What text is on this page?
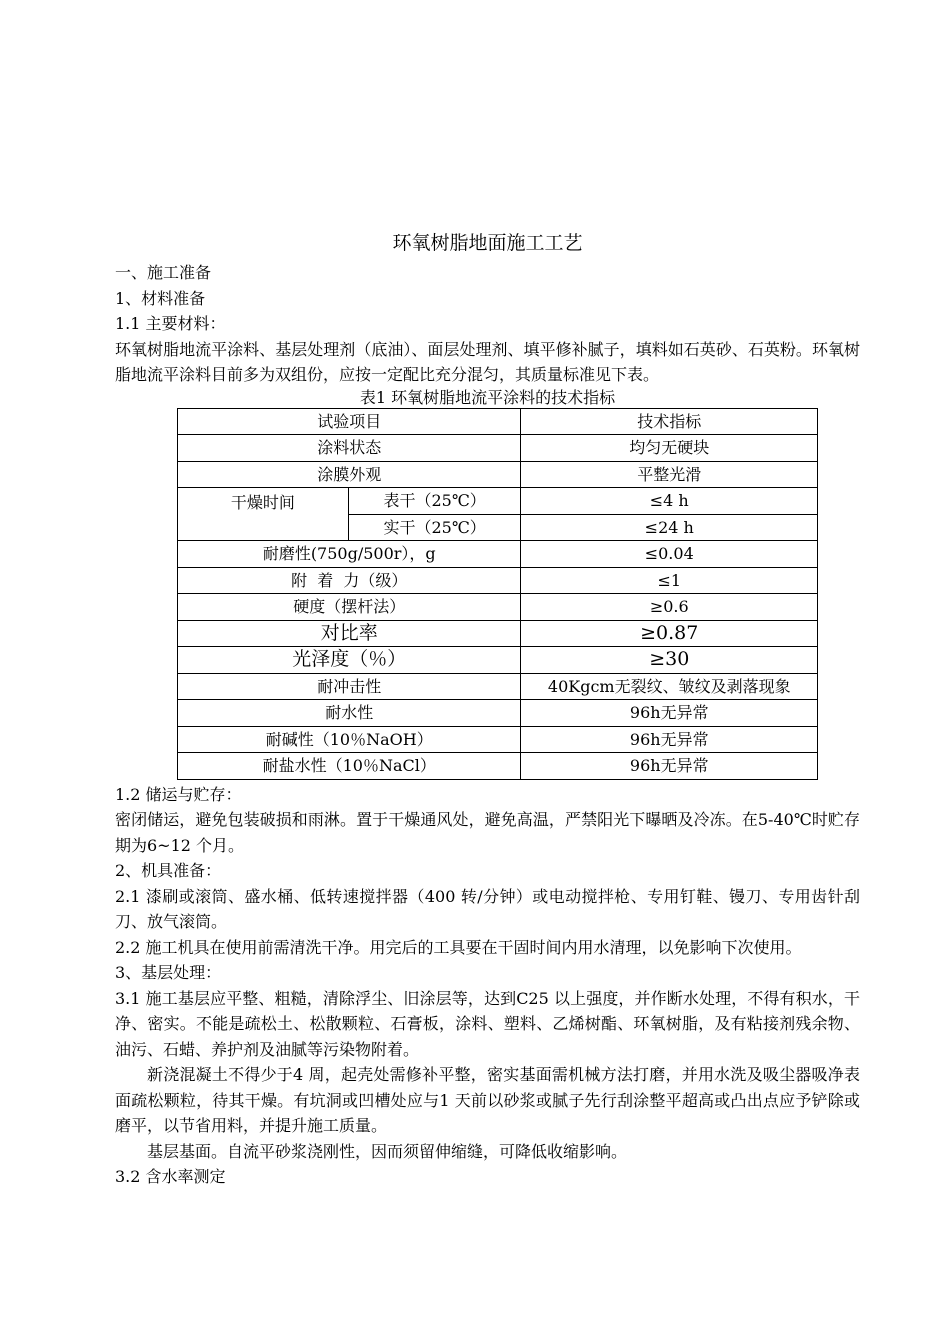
环氧树脂地面施工工艺

一、施工准备

1、材料准备

1.1 主要材料：

环氧树脂地流平涂料、基层处理剂（底油）、面层处理剂、填平修补腻子，填料如石英砂、石英粉。环氧树脂地流平涂料目前多为双组份，应按一定配比充分混匀，其质量标准见下表。

表1 环氧树脂地流平涂料的技术指标

试验项目		技术指标
涂料状态		均匀无硬块
涂膜外观		平整光滑
干燥时间	表干（25℃）	≤4 h
	实干（25℃）	≤24 h
耐磨性(750g/500r），g		≤0.04
附  着  力（级）		≤1
硬度（摆杆法）		≥0.6
对比率		≥0.87
光泽度（％）		≥30
耐冲击性		40Kgcm无裂纹、皱纹及剥落现象
耐水性		96h无异常
耐碱性（10％NaOH）		96h无异常
耐盐水性（10％NaCl）		96h无异常

1.2 储运与贮存：

密闭储运，避免包装破损和雨淋。置于干燥通风处，避免高温，严禁阳光下曝晒及冷冻。在5-40℃时贮存期为6~12 个月。

2、机具准备：

2.1 漆刷或滚筒、盛水桶、低转速搅拌器（400 转/分钟）或电动搅拌枪、专用钉鞋、镘刀、专用齿针刮刀、放气滚筒。

2.2 施工机具在使用前需清洗干净。用完后的工具要在干固时间内用水清理，以免影响下次使用。

3、基层处理：

3.1 施工基层应平整、粗糙，清除浮尘、旧涂层等，达到C25 以上强度，并作断水处理，不得有积水，干净、密实。不能是疏松土、松散颗粒、石膏板，涂料、塑料、乙烯树酯、环氧树脂，及有粘接剂残余物、油污、石蜡、养护剂及油腻等污染物附着。

新浇混凝土不得少于4 周，起壳处需修补平整，密实基面需机械方法打磨，并用水洗及吸尘器吸净表面疏松颗粒，待其干燥。有坑洞或凹槽处应与1 天前以砂浆或腻子先行刮涂整平超高或凸出点应予铲除或磨平，以节省用料，并提升施工质量。

基层基面。自流平砂浆浇刚性，因而须留伸缩缝，可降低收缩影响。

3.2 含水率测定
